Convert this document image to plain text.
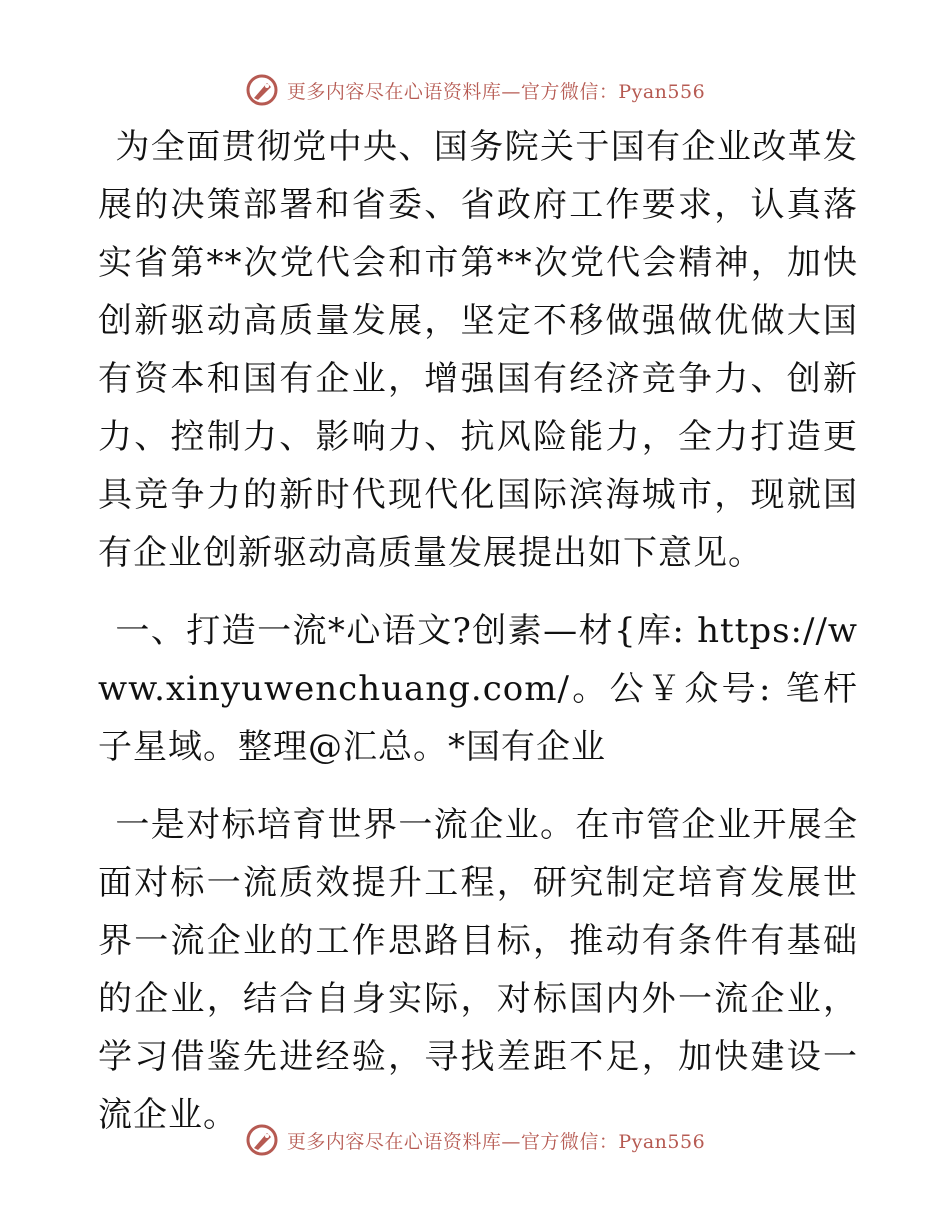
更多内容尽在心语资料库—官方微信：Pyan556

为全面贯彻党中央、国务院关于国有企业改革发展的决策部署和省委、省政府工作要求，认真落实省第**次党代会和市第**次党代会精神，加快创新驱动高质量发展，坚定不移做强做优做大国有资本和国有企业，增强国有经济竞争力、创新力、控制力、影响力、抗风险能力，全力打造更具竞争力的新时代现代化国际滨海城市，现就国有企业创新驱动高质量发展提出如下意见。

一、打造一流*心语文?创素—材{库: https://www.xinyuwenchuang.com/。公￥众号: 笔杆子星域。整理@汇总。*国有企业

一是对标培育世界一流企业。在市管企业开展全面对标一流质效提升工程，研究制定培育发展世界一流企业的工作思路目标，推动有条件有基础的企业，结合自身实际，对标国内外一流企业，学习借鉴先进经验，寻找差距不足，加快建设一流企业。

更多内容尽在心语资料库—官方微信：Pyan556
